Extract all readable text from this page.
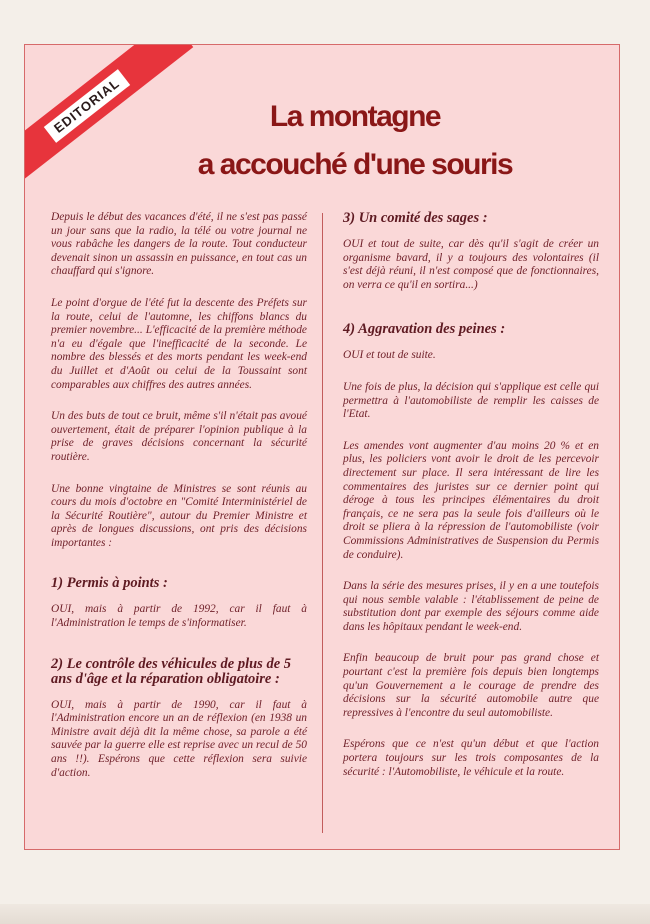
EDITORIAL	La montagne
a accouché d'une souris

Depuis le début des vacances d'été, il ne s'est pas passé un jour sans que la radio, la télé ou votre journal ne vous rabâche les dangers de la route. Tout conducteur devenait sinon un assassin en puissance, en tout cas un chauffard qui s'ignore.

Le point d'orgue de l'été fut la descente des Préfets sur la route, celui de l'automne, les chiffons blancs du premier novembre... L'efficacité de la première méthode n'a eu d'égale que l'inefficacité de la seconde. Le nombre des blessés et des morts pendant les week-end du Juillet et d'Août ou celui de la Toussaint sont comparables aux chiffres des autres années.

Un des buts de tout ce bruit, même s'il n'était pas avoué ouvertement, était de préparer l'opinion publique à la prise de graves décisions concernant la sécurité routière.

Une bonne vingtaine de Ministres se sont réunis au cours du mois d'octobre en "Comité Interministériel de la Sécurité Routière", autour du Premier Ministre et après de longues discussions, ont pris des décisions importantes :

1) Permis à points :

OUI, mais à partir de 1992, car il faut à l'Administration le temps de s'informatiser.

2) Le contrôle des véhicules de plus de 5 ans d'âge et la réparation obligatoire :

OUI, mais à partir de 1990, car il faut à l'Administration encore un an de réflexion (en 1938 un Ministre avait déjà dit la même chose, sa parole a été sauvée par la guerre elle est reprise avec un recul de 50 ans !!). Espérons que cette réflexion sera suivie d'action.

3) Un comité des sages :

OUI et tout de suite, car dès qu'il s'agit de créer un organisme bavard, il y a toujours des volontaires (il s'est déjà réuni, il n'est composé que de fonctionnaires, on verra ce qu'il en sortira...)

4) Aggravation des peines :

OUI et tout de suite.

Une fois de plus, la décision qui s'applique est celle qui permettra à l'automobiliste de remplir les caisses de l'Etat.

Les amendes vont augmenter d'au moins 20 % et en plus, les policiers vont avoir le droit de les percevoir directement sur place. Il sera intéressant de lire les commentaires des juristes sur ce dernier point qui déroge à tous les principes élémentaires du droit français, ce ne sera pas la seule fois d'ailleurs où le droit se pliera à la répression de l'automobiliste (voir Commissions Administratives de Suspension du Permis de conduire).

Dans la série des mesures prises, il y en a une toutefois qui nous semble valable : l'établissement de peine de substitution dont par exemple des séjours comme aide dans les hôpitaux pendant le week-end.

Enfin beaucoup de bruit pour pas grand chose et pourtant c'est la première fois depuis bien longtemps qu'un Gouvernement a le courage de prendre des décisions sur la sécurité automobile autre que repressives à l'encontre du seul automobiliste.

Espérons que ce n'est qu'un début et que l'action portera toujours sur les trois composantes de la sécurité : l'Automobiliste, le véhicule et la route.
